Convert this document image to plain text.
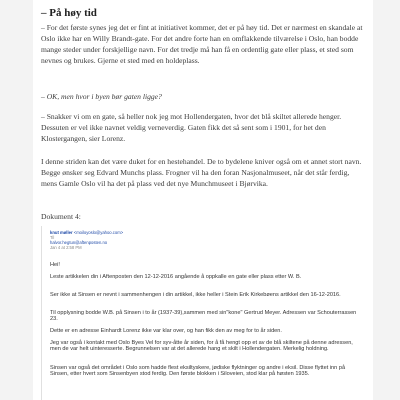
– På høy tid

– For det første synes jeg det er fint at initiativet kommer, det er på høy tid. Det er nærmest en skandale at Oslo ikke har en Willy Brandt-gate. For det andre forte han en omflakkende tilværelse i Oslo, han bodde mange steder under forskjellige navn. For det tredje må han få en ordentlig gate eller plass, et sted som nevnes og brukes. Gjerne et sted med en holdeplass.

– OK, men hvor i byen bør gaten ligge?

– Snakker vi om en gate, så heller nok jeg mot Hollendergaten, hvor det blå skiltet allerede henger. Dessuten er vel ikke navnet veldig verneverdig. Gaten fikk det så sent som i 1901, for het den Klostergangen, sier Lorenz.

I denne striden kan det være duket for en hestehandel. De to bydelene kniver også om et annet stort navn. Begge ønsker seg Edvard Munchs plass. Frogner vil ha den foran Nasjonalmuseet, når det står ferdig, mens Gamle Oslo vil ha det på plass ved det nye Munchmuseet i Bjørvika.

Dokument 4:
knut møller <moiloyoslo@yahoo.com>
Til
halvor.hegtun@aftenposten.no
Jan 4 at 2:58 PM

Hei!

Leste artikkelen din i Aftenposten den 12-12-2016 angående å oppkalle en gate eller plass etter W. B.

Ser ikke at Sinsen er nevnt i sammenhengen i din artikkel, ikke heller i Stein Erik Kirkebøens artikkel den 16-12-2016.

Til opplysning bodde W.B. på Sinsen i to år (1937-39),sammen med sin"kone" Gertrud Meyer. Adressen var Schouterrassen 23.

Dette er en adresse Einhardt Lorenz ikke var klar over, og han fikk den av meg for to år siden.

Jeg var også i kontakt med Oslo Byes Vel for syv-åtte år siden, for å få hengt opp et av de blå skiltene på denne adressen, men de var helt uinteresserte. Begrunnelsen var at det allerede hang et skilt i Hollendergaten. Merkelig holdning.

Sinsen var også det området i Oslo som hadde flest eksiltyskere, jødiske flyktninger og andre i eksil. Disse flyttet inn på Sinsen, etter hvert som Sinsenbyen stod ferdig. Den første blokken i Siloveien, stod klar på høsten 1935.
